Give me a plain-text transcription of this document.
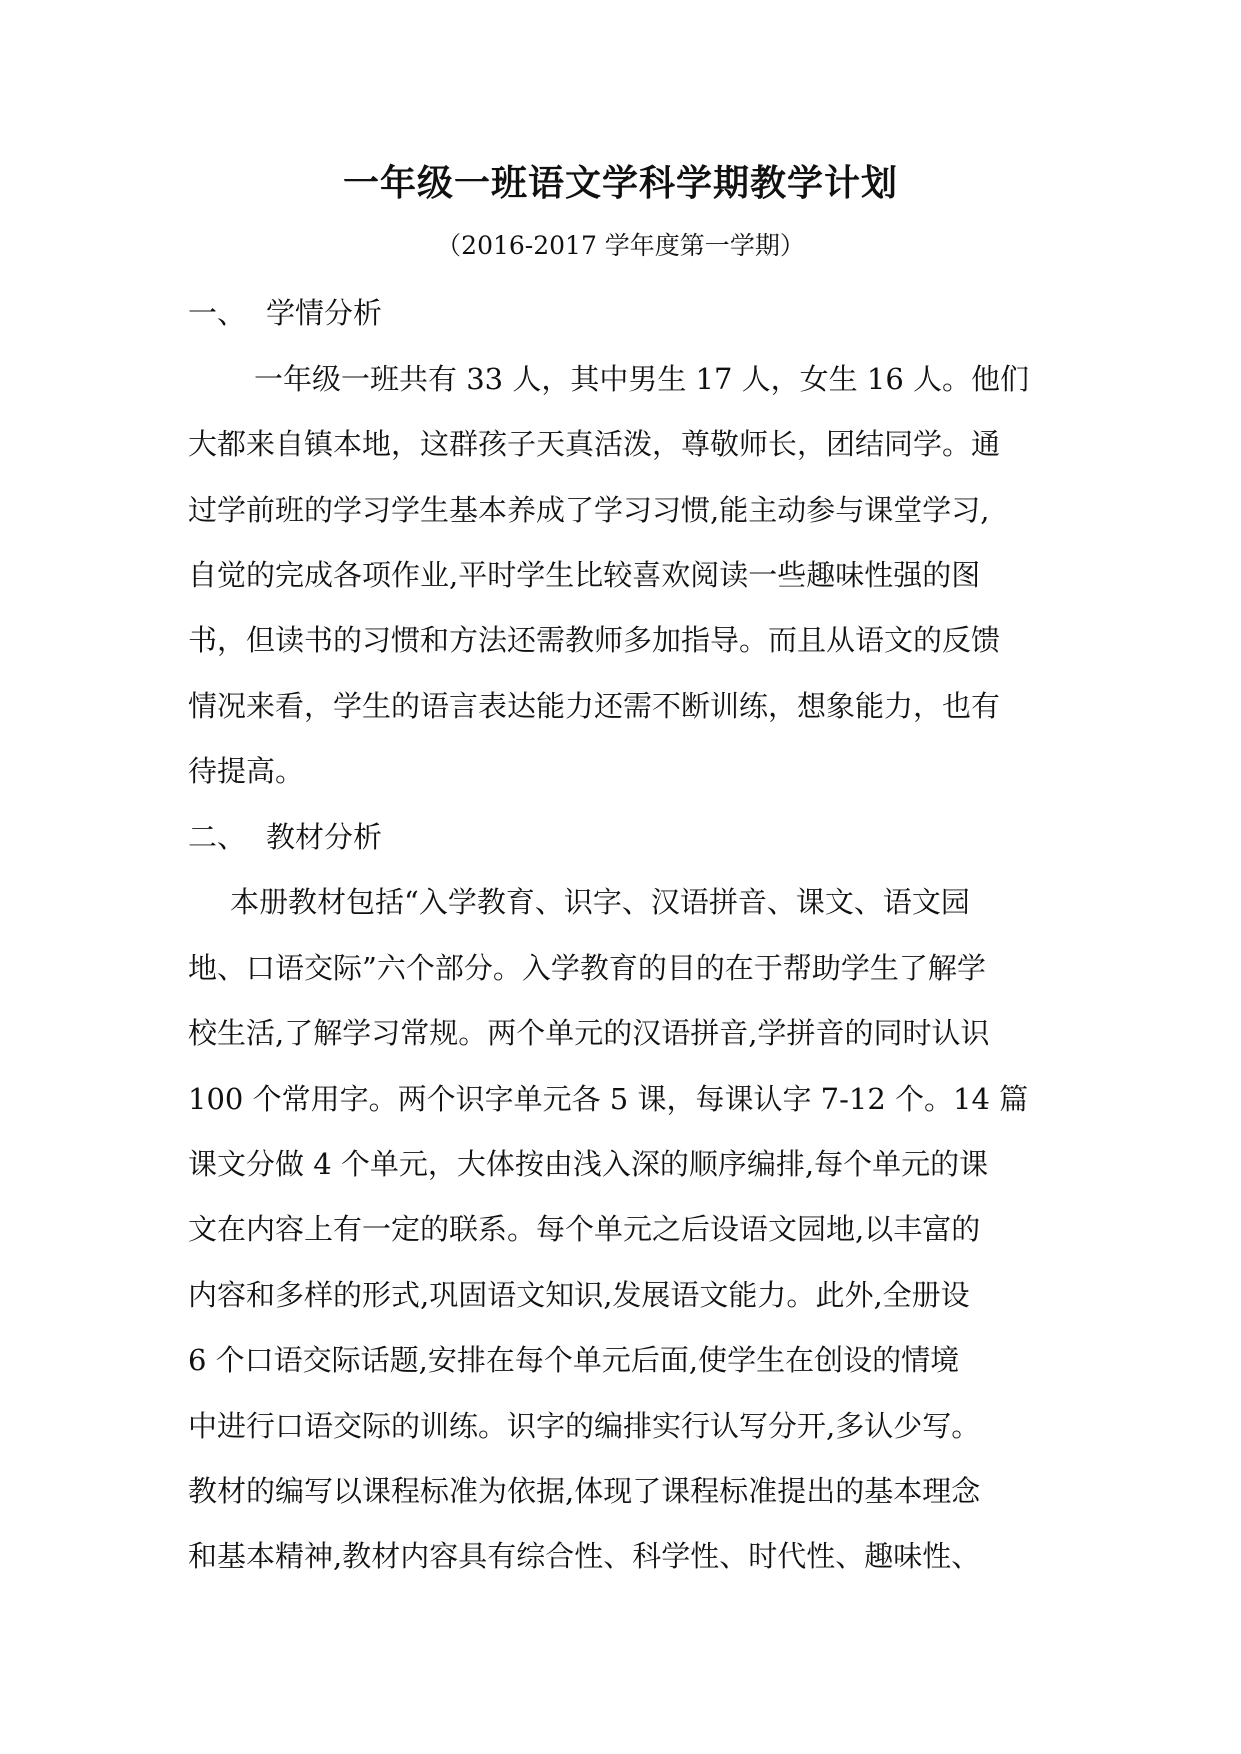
一年级一班语文学科学期教学计划
（2016-2017 学年度第一学期）
一、 学情分析
一年级一班共有 33 人，其中男生 17 人，女生 16 人。他们
大都来自镇本地，这群孩子天真活泼，尊敬师长，团结同学。通
过学前班的学习学生基本养成了学习习惯,能主动参与课堂学习,
自觉的完成各项作业,平时学生比较喜欢阅读一些趣味性强的图
书，但读书的习惯和方法还需教师多加指导。而且从语文的反馈
情况来看，学生的语言表达能力还需不断训练，想象能力，也有
待提高。
二、 教材分析
本册教材包括“入学教育、识字、汉语拼音、课文、语文园
地、口语交际”六个部分。入学教育的目的在于帮助学生了解学
校生活,了解学习常规。两个单元的汉语拼音,学拼音的同时认识
100 个常用字。两个识字单元各 5 课，每课认字 7-12 个。14 篇
课文分做 4 个单元，大体按由浅入深的顺序编排,每个单元的课
文在内容上有一定的联系。每个单元之后设语文园地,以丰富的
内容和多样的形式,巩固语文知识,发展语文能力。此外,全册设
6 个口语交际话题,安排在每个单元后面,使学生在创设的情境
中进行口语交际的训练。识字的编排实行认写分开,多认少写。
教材的编写以课程标准为依据,体现了课程标准提出的基本理念
和基本精神,教材内容具有综合性、科学性、时代性、趣味性、
